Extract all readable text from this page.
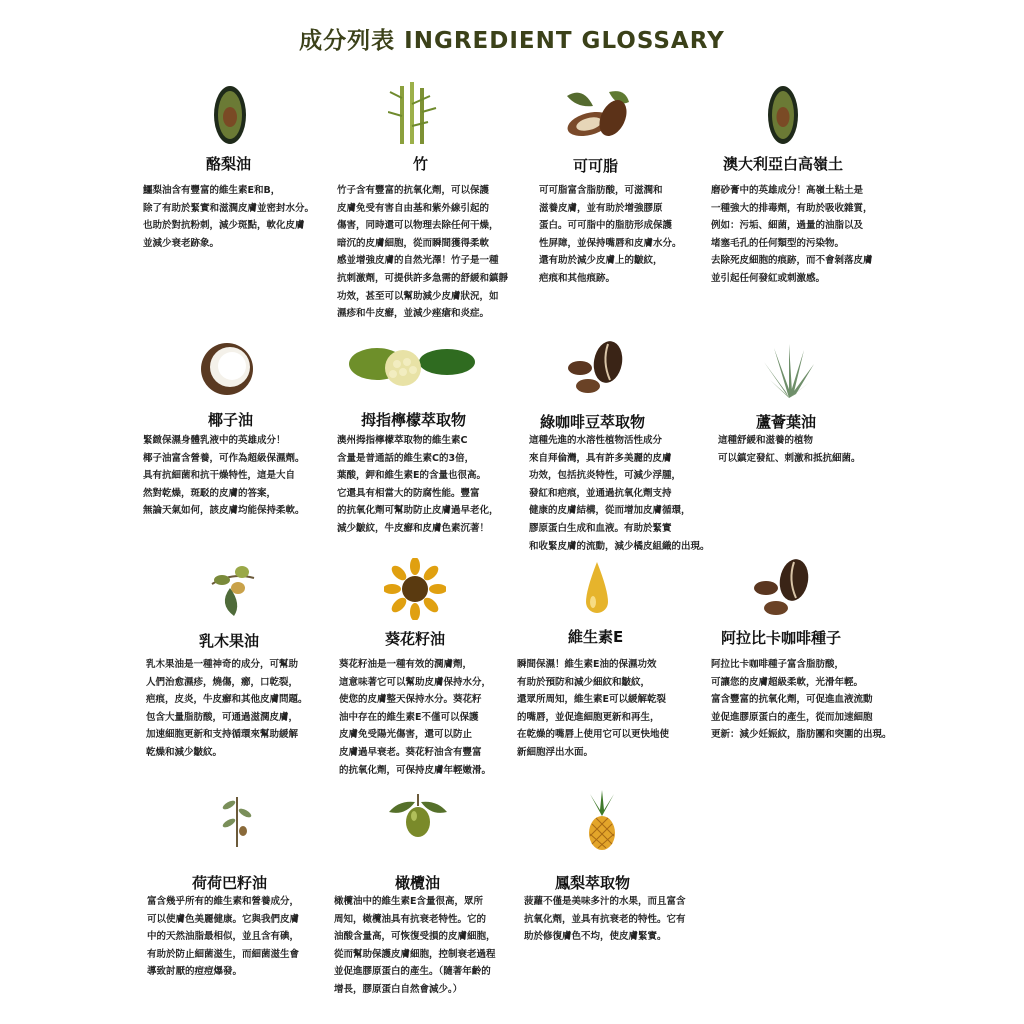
成分列表 INGREDIENT GLOSSARY
酪梨油
鱷梨油含有豐富的維生素E和B，
除了有助於緊實和滋潤皮膚並密封水分。
也助於對抗粉刺，減少斑點，軟化皮膚
並減少衰老跡象。
竹
竹子含有豐富的抗氧化劑，可以保護
皮膚免受有害自由基和紫外線引起的
傷害，同時還可以物理去除任何干燥，
暗沉的皮膚細胞，從而瞬間獲得柔軟
感並增強皮膚的自然光澤！竹子是一種
抗刺激劑，可提供許多急需的舒緩和鎮靜
功效，甚至可以幫助減少皮膚狀況，如
濕疹和牛皮癬，並減少痤瘡和炎症。
可可脂
可可脂富含脂肪酸，可滋潤和
滋養皮膚，並有助於增強膠原
蛋白。可可脂中的脂肪形成保護
性屏障，並保持嘴唇和皮膚水分。
還有助於減少皮膚上的皺紋，
疤痕和其他痕跡。
澳大利亞白高嶺土
磨砂膏中的英雄成分！高嶺土粘土是
一種強大的排毒劑，有助於吸收雜質，
例如：污垢、細菌，過量的油脂以及
堵塞毛孔的任何類型的污染物。
去除死皮細胞的痕跡，而不會剝落皮膚
並引起任何發紅或刺激感。
椰子油
緊緻保濕身體乳液中的英雄成分！
椰子油富含營養，可作為超級保濕劑。
具有抗細菌和抗干燥特性，這是大自
然對乾燥，斑駁的皮膚的答案，
無論天氣如何，該皮膚均能保持柔軟。
拇指檸檬萃取物
澳州拇指檸檬萃取物的維生素C
含量是普通話的維生素C的3倍，
葉酸，鉀和維生素E的含量也很高。
它還具有相當大的防腐性能。豐富
的抗氧化劑可幫助防止皮膚過早老化，
減少皺紋，牛皮癬和皮膚色素沉著！
綠咖啡豆萃取物
這種先進的水溶性植物活性成分
來自拜倫灣，具有許多美麗的皮膚
功效，包括抗炎特性，可減少浮腫，
發紅和疤痕，並通過抗氧化劑支持
健康的皮膚結構，從而增加皮膚循環，
膠原蛋白生成和血液。有助於緊實
和收緊皮膚的流動，減少橘皮組織的出現。
蘆薈葉油
這種舒緩和滋養的植物
可以鎮定發紅、刺激和抵抗細菌。
乳木果油
乳木果油是一種神奇的成分，可幫助
人們治愈濕疹，燒傷，癤，口乾裂，
疤痕，皮炎，牛皮癬和其他皮膚問題。
包含大量脂肪酸，可通過滋潤皮膚，
加速細胞更新和支持循環來幫助緩解
乾燥和減少皺紋。
葵花籽油
葵花籽油是一種有效的潤膚劑，
這意味著它可以幫助皮膚保持水分，
使您的皮膚整天保持水分。葵花籽
油中存在的維生素E不僅可以保護
皮膚免受陽光傷害，還可以防止
皮膚過早衰老。葵花籽油含有豐富
的抗氧化劑，可保持皮膚年輕嫩滑。
維生素E
瞬間保濕！維生素E油的保濕功效
有助於預防和減少細紋和皺紋，
還眾所周知，維生素E可以緩解乾裂
的嘴唇，並促進細胞更新和再生，
在乾燥的嘴唇上使用它可以更快地使
新細胞浮出水面。
阿拉比卡咖啡種子
阿拉比卡咖啡種子富含脂肪酸，
可讓您的皮膚超級柔軟，光滑年輕。
富含豐富的抗氧化劑，可促進血液流動
並促進膠原蛋白的產生，從而加速細胞
更新：減少妊娠紋，脂肪團和突圍的出現。
荷荷巴籽油
富含幾乎所有的維生素和營養成分，
可以使膚色美麗健康。它與我們皮膚
中的天然油脂最相似，並且含有碘，
有助於防止細菌滋生，而細菌滋生會
導致討厭的痘痘爆發。
橄欖油
橄欖油中的維生素E含量很高，眾所
周知，橄欖油具有抗衰老特性。它的
油酸含量高，可恢復受損的皮膚細胞，
從而幫助保護皮膚細胞，控制衰老過程
並促進膠原蛋白的產生。（隨著年齡的
增長，膠原蛋白自然會減少。）
鳳梨萃取物
菠蘿不僅是美味多汁的水果，而且富含
抗氧化劑，並具有抗衰老的特性。它有
助於修復膚色不均，使皮膚緊實。
